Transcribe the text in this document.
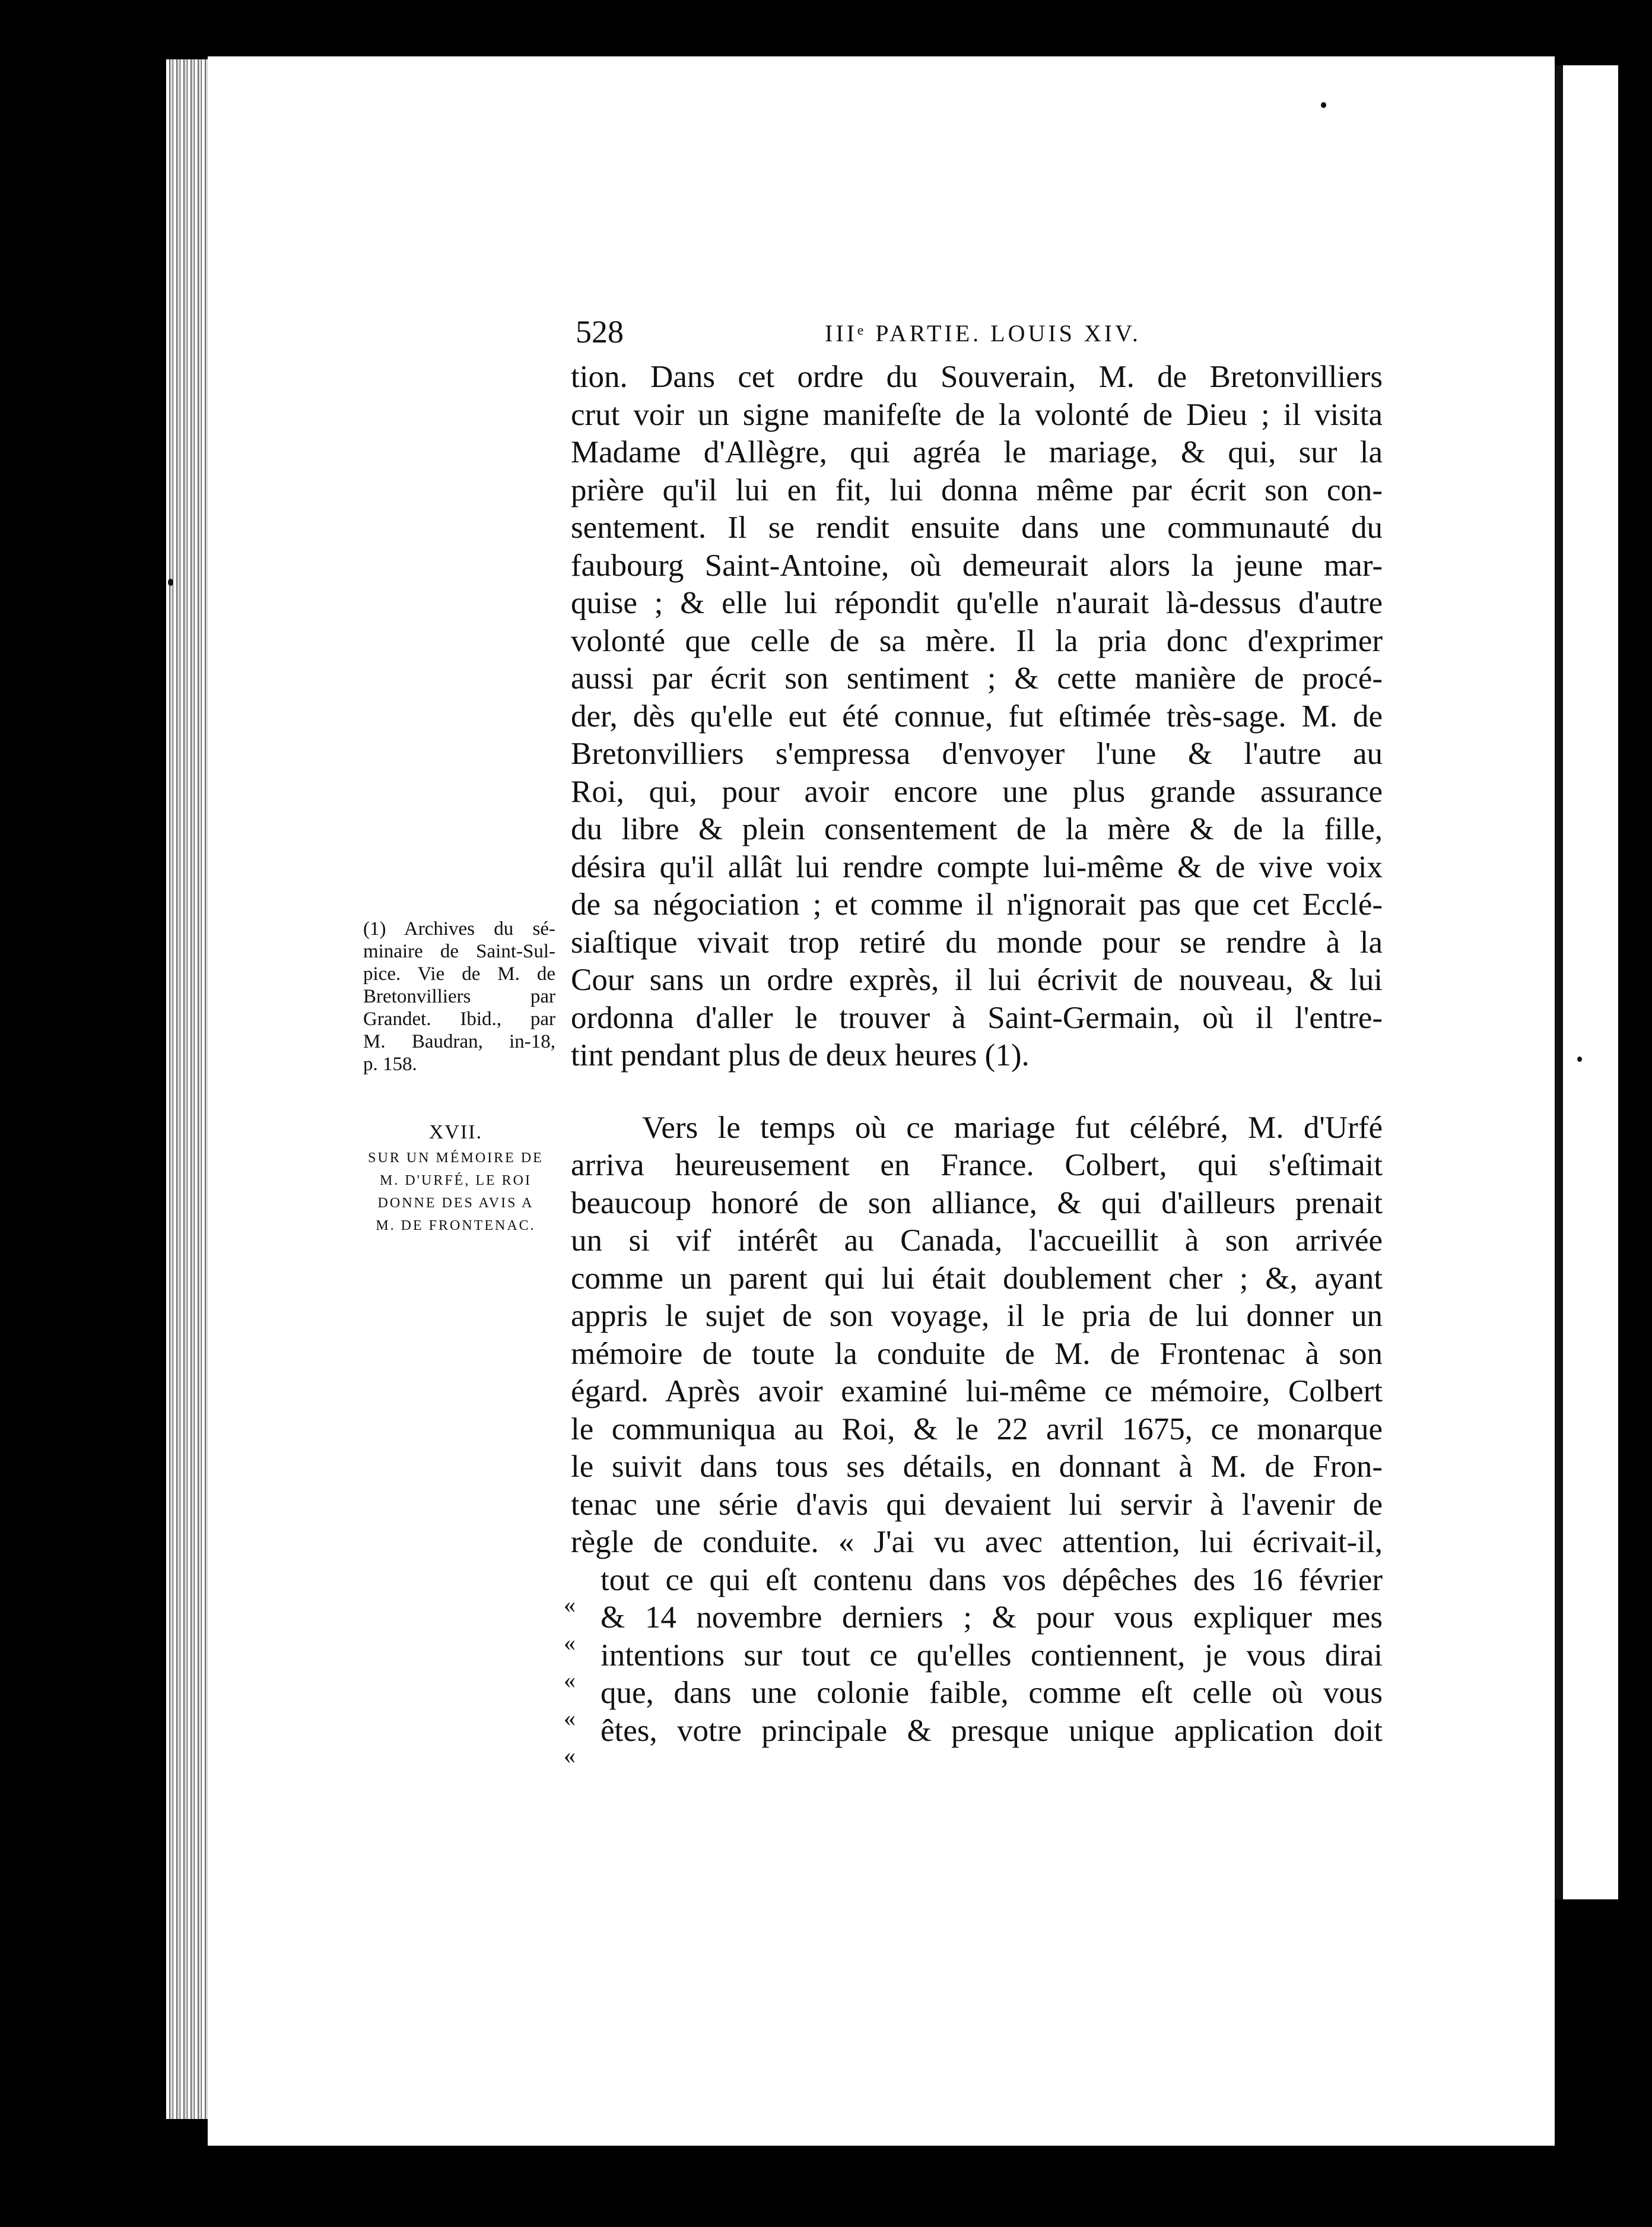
528	IIIᵉ PARTIE. LOUIS XIV.
(1) Archives du sé-
minaire de Saint-Sul-
pice. Vie de M. de
Bretonvilliers par
Grandet. Ibid., par
M. Baudran, in-18,
p. 158.
XVII.
SUR UN MÉMOIRE DE
M. D'URFÉ, LE ROI
DONNE DES AVIS A
M. DE FRONTENAC.
tion. Dans cet ordre du Souverain, M. de Bretonvilliers
crut voir un signe manifeſte de la volonté de Dieu ; il visita
Madame d'Allègre, qui agréa le mariage, & qui, sur la
prière qu'il lui en fit, lui donna même par écrit son con-
sentement. Il se rendit ensuite dans une communauté du
faubourg Saint-Antoine, où demeurait alors la jeune mar-
quise ; & elle lui répondit qu'elle n'aurait là-dessus d'autre
volonté que celle de sa mère. Il la pria donc d'exprimer
aussi par écrit son sentiment ; & cette manière de procé-
der, dès qu'elle eut été connue, fut eſtimée très-sage. M. de
Bretonvilliers s'empressa d'envoyer l'une & l'autre au
Roi, qui, pour avoir encore une plus grande assurance
du libre & plein consentement de la mère & de la fille,
désira qu'il allât lui rendre compte lui-même & de vive voix
de sa négociation ; et comme il n'ignorait pas que cet Ecclé-
siaſtique vivait trop retiré du monde pour se rendre à la
Cour sans un ordre exprès, il lui écrivit de nouveau, & lui
ordonna d'aller le trouver à Saint-Germain, où il l'entre-
tint pendant plus de deux heures (1).
Vers le temps où ce mariage fut célébré, M. d'Urfé
arriva heureusement en France. Colbert, qui s'eſtimait
beaucoup honoré de son alliance, & qui d'ailleurs prenait
un si vif intérêt au Canada, l'accueillit à son arrivée
comme un parent qui lui était doublement cher ; &, ayant
appris le sujet de son voyage, il le pria de lui donner un
mémoire de toute la conduite de M. de Frontenac à son
égard. Après avoir examiné lui-même ce mémoire, Colbert
le communiqua au Roi, & le 22 avril 1675, ce monarque
le suivit dans tous ses détails, en donnant à M. de Fron-
tenac une série d'avis qui devaient lui servir à l'avenir de
règle de conduite. « J'ai vu avec attention, lui écrivait-il,
tout ce qui eſt contenu dans vos dépêches des 16 février
& 14 novembre derniers ; & pour vous expliquer mes
intentions sur tout ce qu'elles contiennent, je vous dirai
que, dans une colonie faible, comme eſt celle où vous
êtes, votre principale & presque unique application doit
«
«
«
«
«
